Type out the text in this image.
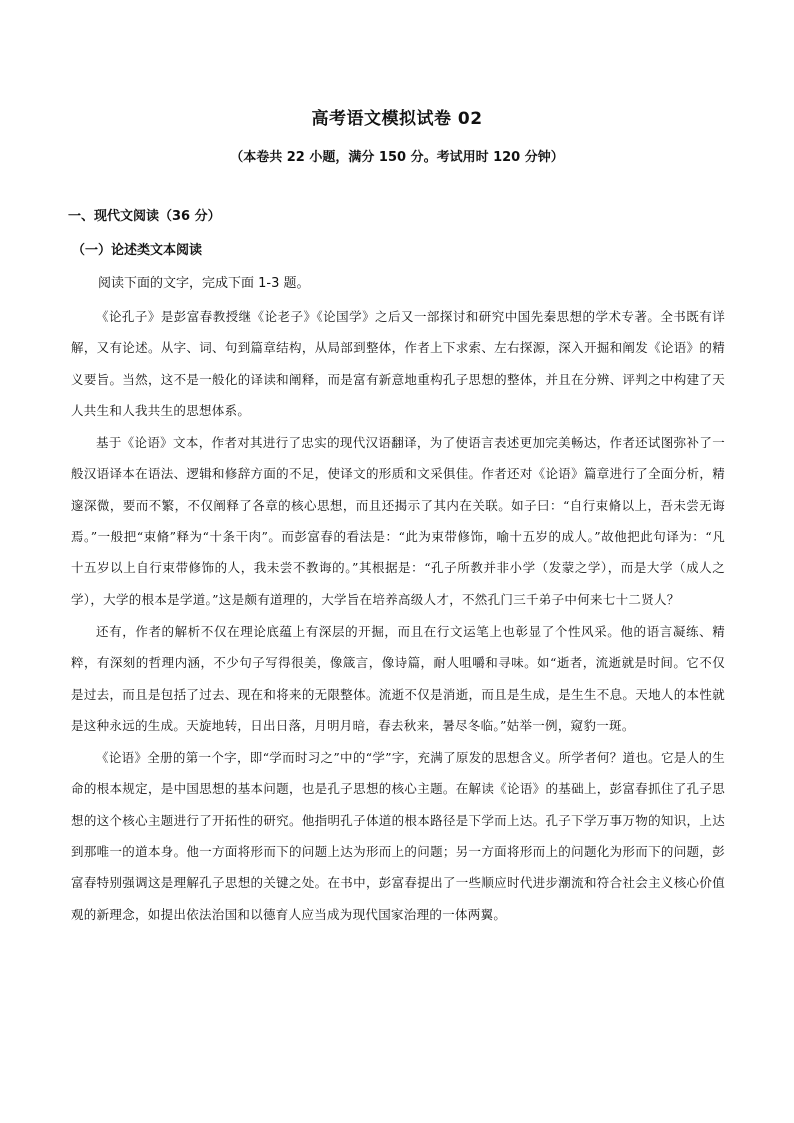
高考语文模拟试卷 02
（本卷共 22 小题，满分 150 分。考试用时 120 分钟）
一、现代文阅读（36 分）
（一）论述类文本阅读
阅读下面的文字，完成下面 1-3 题。

《论孔子》是彭富春教授继《论老子》《论国学》之后又一部探讨和研究中国先秦思想的学术专著。全书既有详解，又有论述。从字、词、句到篇章结构，从局部到整体，作者上下求索、左右探源，深入开掘和阐发《论语》的精义要旨。当然，这不是一般化的译读和阐释，而是富有新意地重构孔子思想的整体，并且在分辨、评判之中构建了天人共生和人我共生的思想体系。

基于《论语》文本，作者对其进行了忠实的现代汉语翻译，为了使语言表述更加完美畅达，作者还试图弥补了一般汉语译本在语法、逻辑和修辞方面的不足，使译文的形质和文采俱佳。作者还对《论语》篇章进行了全面分析，精邃深微，要而不繁，不仅阐释了各章的核心思想，而且还揭示了其内在关联。如子曰：“自行束脩以上，吾未尝无诲焉。”一般把“束脩”释为“十条干肉”。而彭富春的看法是：“此为束带修饰，喻十五岁的成人。”故他把此句译为：“凡十五岁以上自行束带修饰的人，我未尝不教诲的。”其根据是：“孔子所教并非小学（发蒙之学），而是大学（成人之学），大学的根本是学道。”这是颇有道理的，大学旨在培养高级人才，不然孔门三千弟子中何来七十二贤人？

还有，作者的解析不仅在理论底蕴上有深层的开掘，而且在行文运笔上也彰显了个性风采。他的语言凝练、精粹，有深刻的哲理内涵，不少句子写得很美，像箴言，像诗篇，耐人咀嚼和寻味。如“逝者，流逝就是时间。它不仅是过去，而且是包括了过去、现在和将来的无限整体。流逝不仅是消逝，而且是生成，是生生不息。天地人的本性就是这种永远的生成。天旋地转，日出日落，月明月暗，春去秋来，暑尽冬临。”姑举一例，窥豹一斑。

《论语》全册的第一个字，即“学而时习之”中的“学”字，充满了原发的思想含义。所学者何？道也。它是人的生命的根本规定，是中国思想的基本问题，也是孔子思想的核心主题。在解读《论语》的基础上，彭富春抓住了孔子思想的这个核心主题进行了开拓性的研究。他指明孔子体道的根本路径是下学而上达。孔子下学万事万物的知识，上达到那唯一的道本身。他一方面将形而下的问题上达为形而上的问题；另一方面将形而上的问题化为形而下的问题，彭富春特别强调这是理解孔子思想的关键之处。在书中，彭富春提出了一些顺应时代进步潮流和符合社会主义核心价值观的新理念，如提出依法治国和以德育人应当成为现代国家治理的一体两翼。
